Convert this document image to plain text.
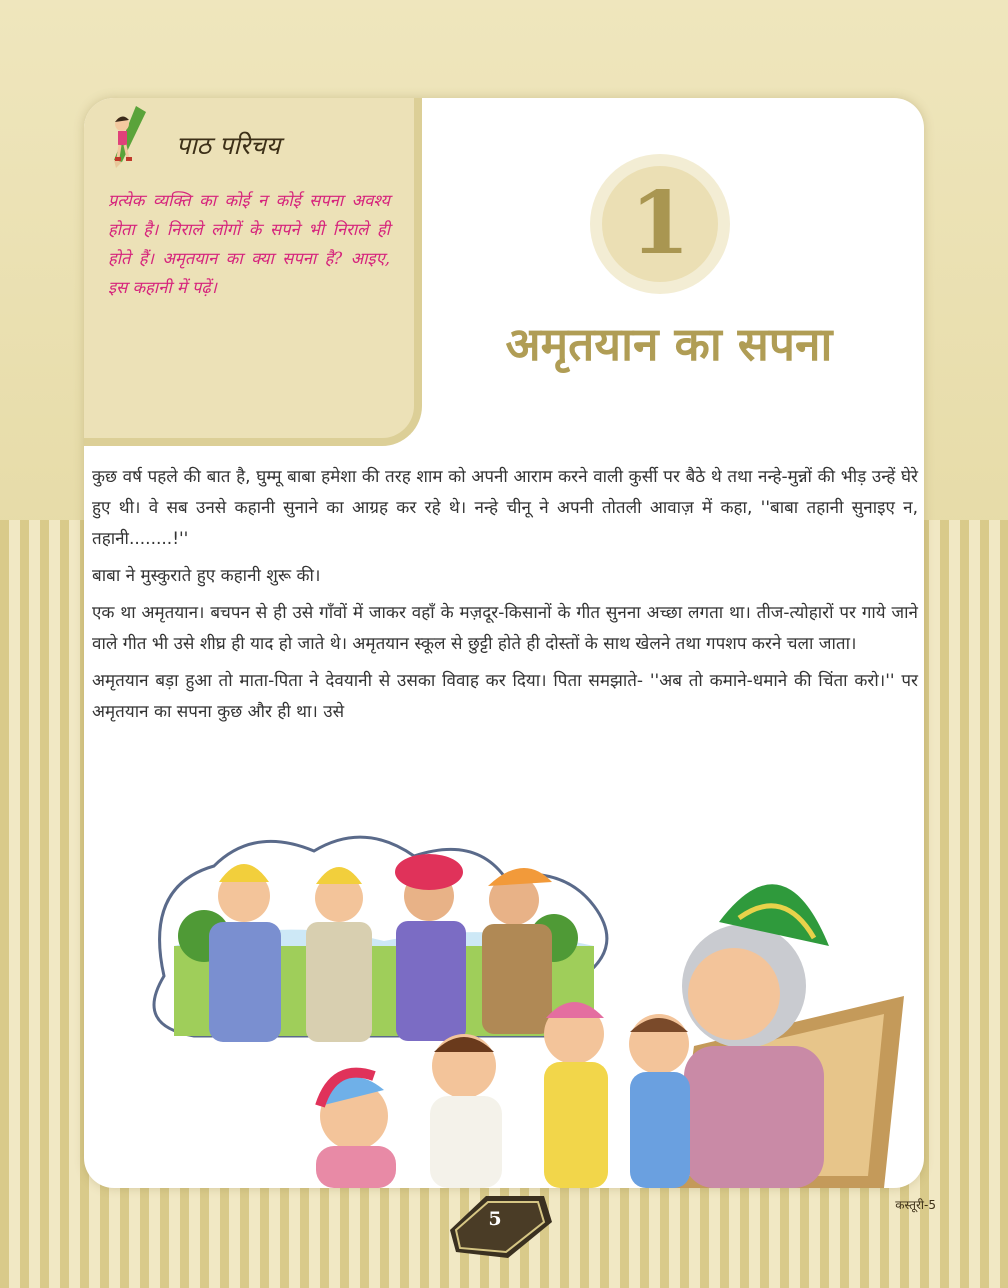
पाठ परिचय

प्रत्येक व्यक्ति का कोई न कोई सपना अवश्य होता है। निराले लोगों के सपने भी निराले ही होते हैं। अमृतयान का क्या सपना है? आइए, इस कहानी में पढ़ें।

1
अमृतयान का सपना

कुछ वर्ष पहले की बात है, घुम्मू बाबा हमेशा की तरह शाम को अपनी आराम करने वाली कुर्सी पर बैठे थे तथा नन्हे-मुन्नों की भीड़ उन्हें घेरे हुए थी। वे सब उनसे कहानी सुनाने का आग्रह कर रहे थे। नन्हे चीनू ने अपनी तोतली आवाज़ में कहा, ''बाबा तहानी सुनाइए न, तहानी........!''

बाबा ने मुस्कुराते हुए कहानी शुरू की।

एक था अमृतयान। बचपन से ही उसे गाँवों में जाकर वहाँ के मज़दूर-किसानों के गीत सुनना अच्छा लगता था। तीज-त्योहारों पर गाये जाने वाले गीत भी उसे शीघ्र ही याद हो जाते थे। अमृतयान स्कूल से छुट्टी होते ही दोस्तों के साथ खेलने तथा गपशप करने चला जाता।

अमृतयान बड़ा हुआ तो माता-पिता ने देवयानी से उसका विवाह कर दिया। पिता समझाते- ''अब तो कमाने-धमाने की चिंता करो।'' पर अमृतयान का सपना कुछ और ही था। उसे

5
कस्तूरी-5
